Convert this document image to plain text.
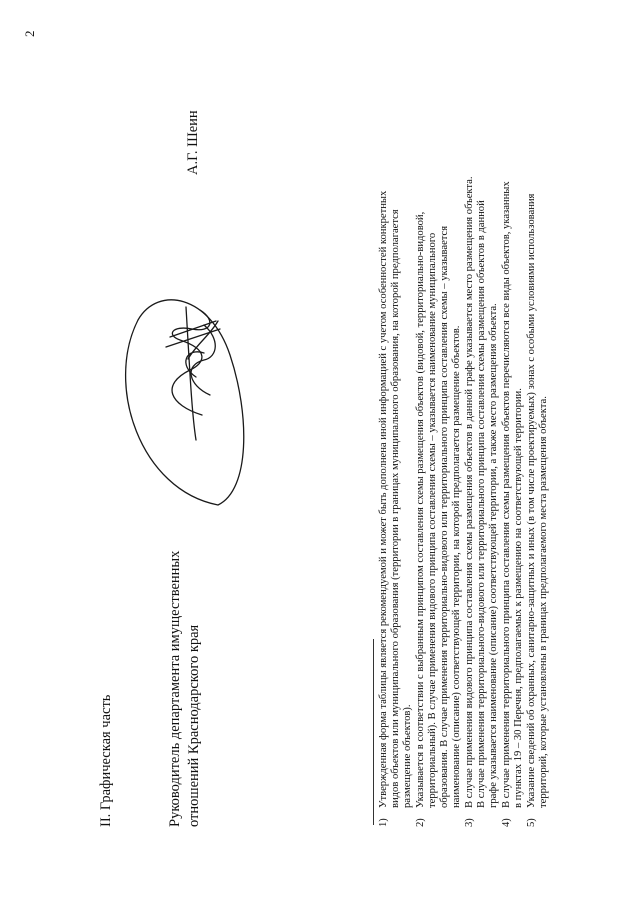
2
II. Графическая часть	Руководитель департамента имущественных отношений Краснодарского края
А.Г. Шеин
1)
Утвержденная форма таблицы является рекомендуемой и может быть дополнена иной информацией с учетом особенностей конкретных видов объектов или муниципального образования (территории в границах муниципального образования, на которой предполагается размещение объектов).
2)
Указывается в соответствии с выбранным принципом составления схемы размещения объектов (видовой, территориально-видовой, территориальный). В случае применения видового принципа составления схемы – указывается наименование муниципального образования. В случае применения территориально-видового или территориального принципа составления схемы – указывается наименование (описание) соответствующей территории, на которой предполагается размещение объектов.
3)
В случае применения видового принципа составления схемы размещения объектов в данной графе указывается место размещения объекта. В случае применения территориального-видового или территориального принципа составления схемы размещения объектов в данной графе указывается наименование (описание) соответствующей территории, а также место размещения объекта.
4)
В случае применения территориального принципа составления схемы размещения объектов перечисляются все виды объектов, указанных в пунктах 19 – 30 Перечня, предполагаемых к размещению на соответствующей территории.
5)
Указание сведений об охранных, санитарно-защитных и иных (в том числе проектируемых) зонах с особыми условиями использования территорий, которые установлены в границах предполагаемого места размещения объекта.
